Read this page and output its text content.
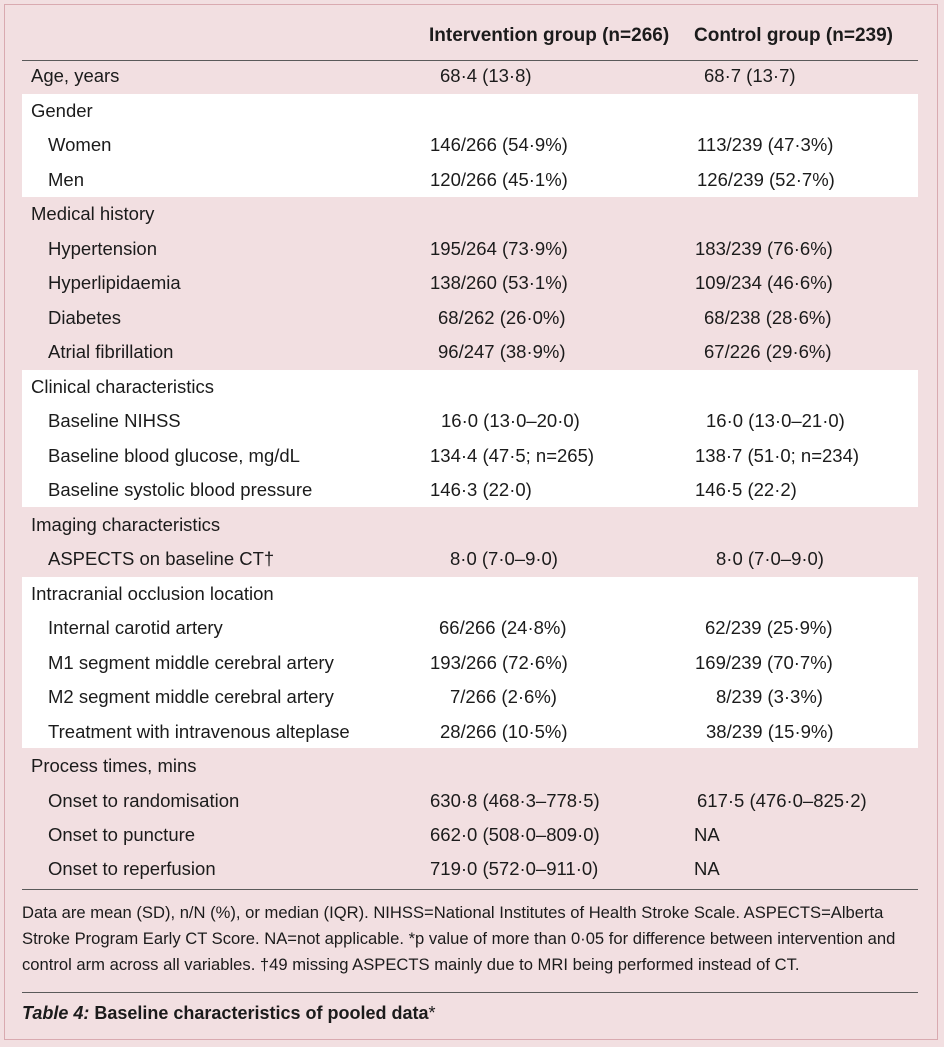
Intervention group (n=266) Control group (n=239)
Age, years	68·4 (13·8)	68·7 (13·7)
Gender
Women	146/266 (54·9%)	113/239 (47·3%)
Men	120/266 (45·1%)	126/239 (52·7%)
Medical history
Hypertension	195/264 (73·9%)	183/239 (76·6%)
Hyperlipidaemia	138/260 (53·1%)	109/234 (46·6%)
Diabetes	68/262 (26·0%)	68/238 (28·6%)
Atrial fibrillation	96/247 (38·9%)	67/226 (29·6%)
Clinical characteristics
Baseline NIHSS	16·0 (13·0–20·0)	16·0 (13·0–21·0)
Baseline blood glucose, mg/dL	134·4 (47·5; n=265)	138·7 (51·0; n=234)
Baseline systolic blood pressure	146·3 (22·0)	146·5 (22·2)
Imaging characteristics
ASPECTS on baseline CT†	8·0 (7·0–9·0)	8·0 (7·0–9·0)
Intracranial occlusion location
Internal carotid artery	66/266 (24·8%)	62/239 (25·9%)
M1 segment middle cerebral artery	193/266 (72·6%)	169/239 (70·7%)
M2 segment middle cerebral artery	7/266 (2·6%)	8/239 (3·3%)
Treatment with intravenous alteplase	28/266 (10·5%)	38/239 (15·9%)
Process times, mins
Onset to randomisation	630·8 (468·3–778·5)	617·5 (476·0–825·2)
Onset to puncture	662·0 (508·0–809·0)	NA
Onset to reperfusion	719·0 (572·0–911·0)	NA

Data are mean (SD), n/N (%), or median (IQR). NIHSS=National Institutes of Health Stroke Scale. ASPECTS=Alberta Stroke Program Early CT Score. NA=not applicable. *p value of more than 0·05 for difference between intervention and control arm across all variables. †49 missing ASPECTS mainly due to MRI being performed instead of CT.

Table 4: Baseline characteristics of pooled data*
